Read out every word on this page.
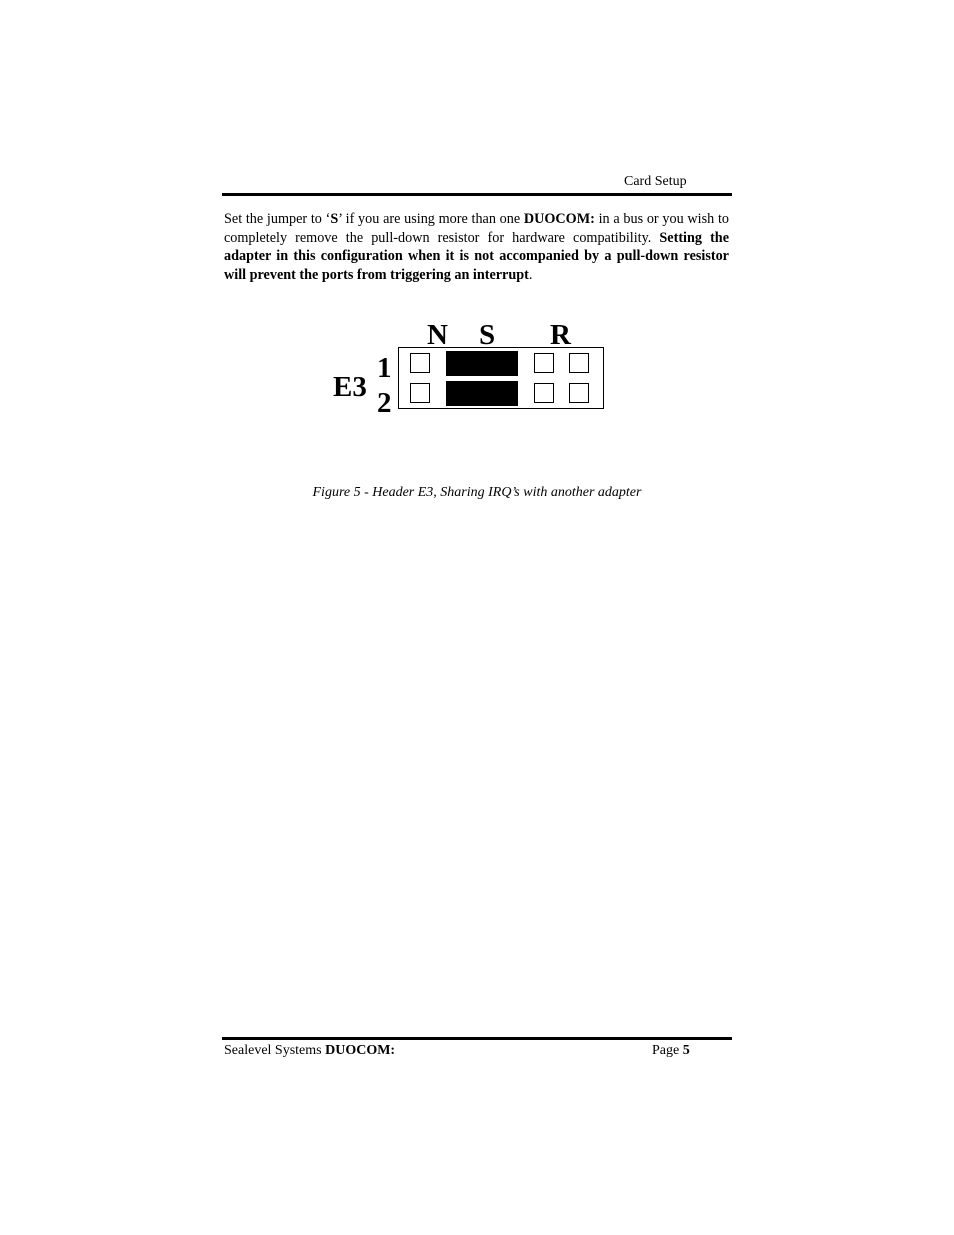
Card Setup

Set the jumper to ‘S’ if you are using more than one DUOCOM: in a bus or you wish to completely remove the pull-down resistor for hardware compatibility. Setting the adapter in this configuration when it is not accompanied by a pull-down resistor will prevent the ports from triggering an interrupt.

N S R
E3
1
2
Figure 5 - Header E3, Sharing IRQ’s with another adapter
Sealevel Systems DUOCOM:	Page 5
